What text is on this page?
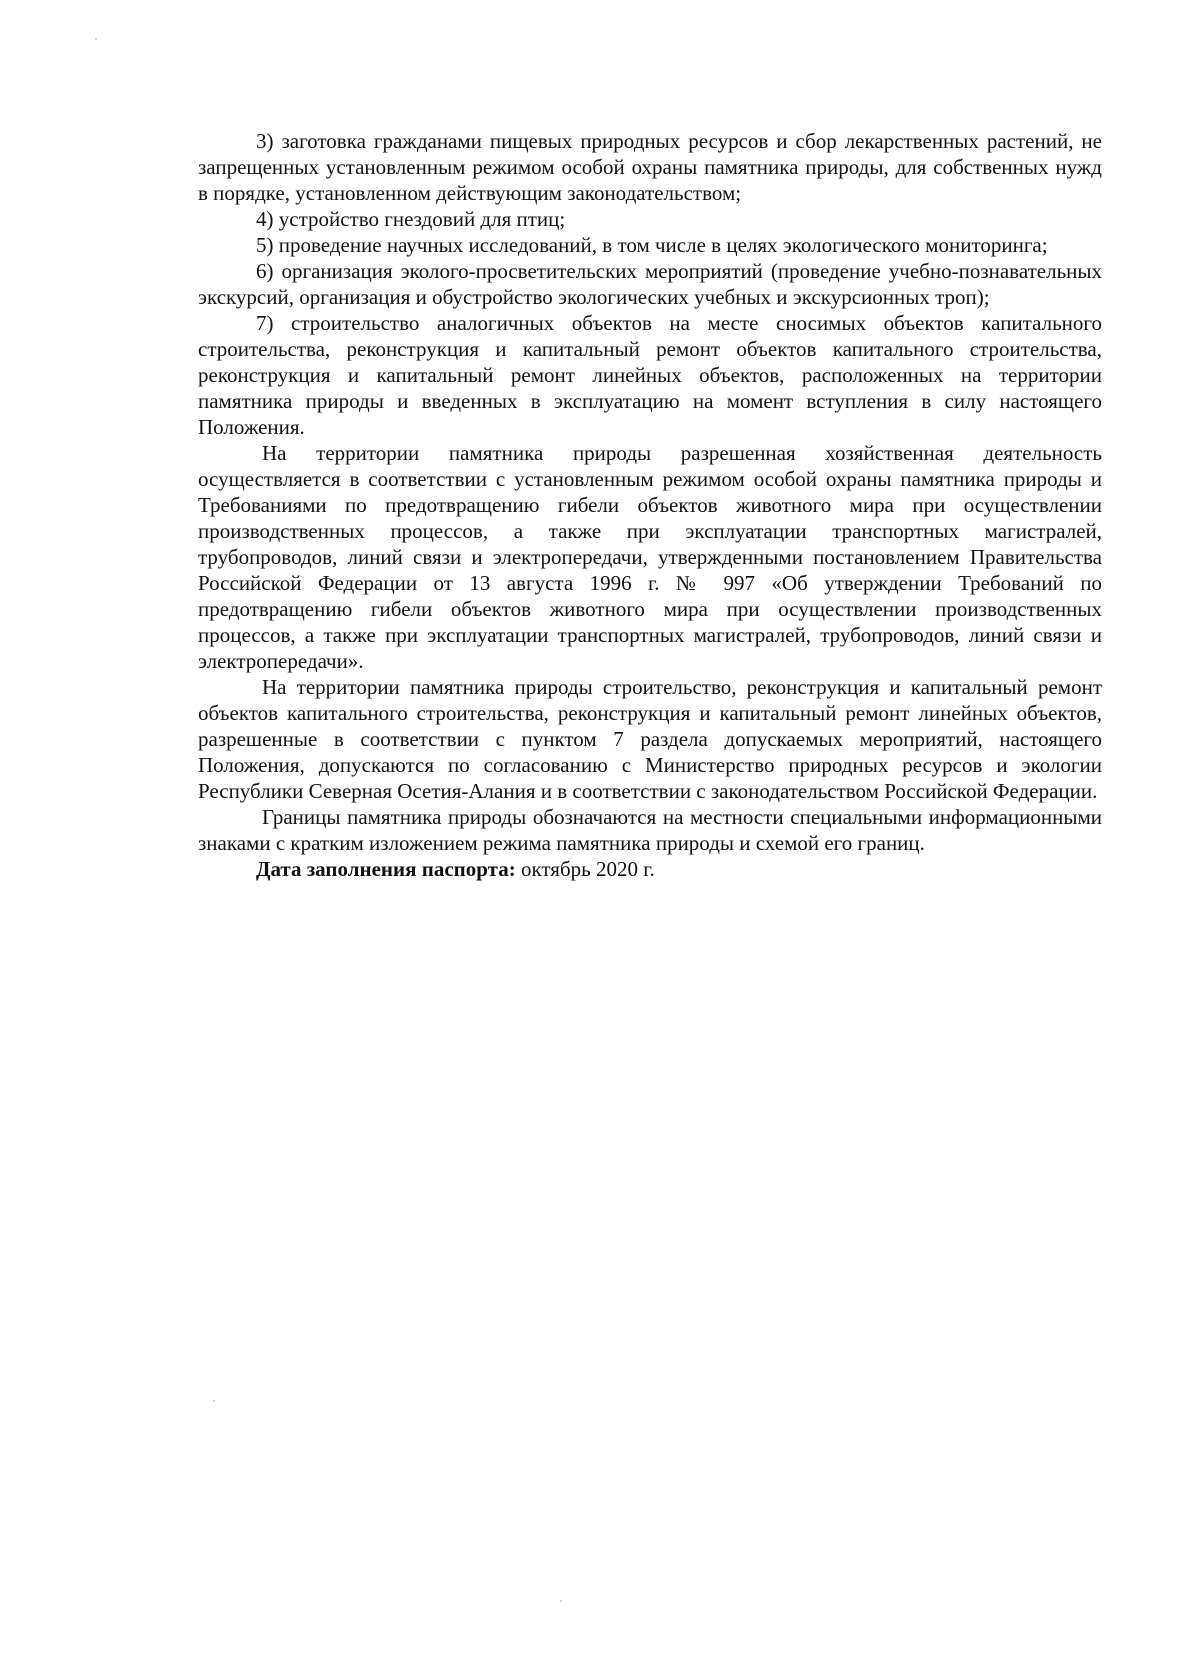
3) заготовка гражданами пищевых природных ресурсов и сбор лекарственных растений, не запрещенных установленным режимом особой охраны памятника природы, для собственных нужд в порядке, установленном действующим законодательством;

4) устройство гнездовий для птиц;

5) проведение научных исследований, в том числе в целях экологического мониторинга;

6) организация эколого-просветительских мероприятий (проведение учебно-познавательных экскурсий, организация и обустройство экологических учебных и экскурсионных троп);

7) строительство аналогичных объектов на месте сносимых объектов капитального строительства, реконструкция и капитальный ремонт объектов капитального строительства, реконструкция и капитальный ремонт линейных объектов, расположенных на территории памятника природы и введенных в эксплуатацию на момент вступления в силу настоящего Положения.

На территории памятника природы разрешенная хозяйственная деятельность осуществляется в соответствии с установленным режимом особой охраны памятника природы и Требованиями по предотвращению гибели объектов животного мира при осуществлении производственных процессов, а также при эксплуатации транспортных магистралей, трубопроводов, линий связи и электропередачи, утвержденными постановлением Правительства Российской Федерации от 13 августа 1996 г. № 997 «Об утверждении Требований по предотвращению гибели объектов животного мира при осуществлении производственных процессов, а также при эксплуатации транспортных магистралей, трубопроводов, линий связи и электропередачи».

На территории памятника природы строительство, реконструкция и капитальный ремонт объектов капитального строительства, реконструкция и капитальный ремонт линейных объектов, разрешенные в соответствии с пунктом 7 раздела допускаемых мероприятий, настоящего Положения, допускаются по согласованию с Министерство природных ресурсов и экологии Республики Северная Осетия-Алания и в соответствии с законодательством Российской Федерации.

Границы памятника природы обозначаются на местности специальными информационными знаками с кратким изложением режима памятника природы и схемой его границ.

Дата заполнения паспорта: октябрь 2020 г.
